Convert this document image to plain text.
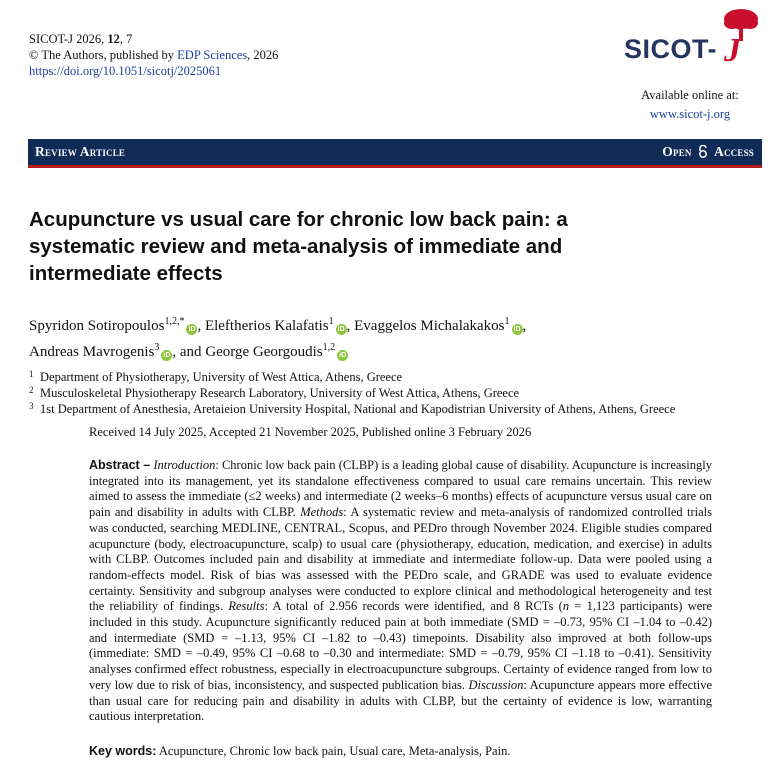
SICOT-J 2026, 12, 7
© The Authors, published by EDP Sciences, 2026
https://doi.org/10.1051/sicotj/2025061
SICOT- J
Available online at:
www.sicot-j.org
Review Article	Open Access
Acupuncture vs usual care for chronic low back pain: a
systematic review and meta-analysis of immediate and
intermediate effects
Spyridon Sotiropoulos$^{1,2,*}$iD , Eleftherios Kalafatis$^1$iD , Evaggelos Michalakakos$^1$iD ,
Andreas Mavrogenis$^3$iD , and George Georgoudis$^{1,2}$iD
1 Department of Physiotherapy, University of West Attica, Athens, Greece
2 Musculoskeletal Physiotherapy Research Laboratory, University of West Attica, Athens, Greece
3 1st Department of Anesthesia, Aretaieion University Hospital, National and Kapodistrian University of Athens, Athens, Greece
Received 14 July 2025, Accepted 21 November 2025, Published online 3 February 2026
Abstract – Introduction: Chronic low back pain (CLBP) is a leading global cause of disability. Acupuncture is increasingly integrated into its management, yet its standalone effectiveness compared to usual care remains uncertain. This review aimed to assess the immediate (≤2 weeks) and intermediate (2 weeks–6 months) effects of acupuncture versus usual care on pain and disability in adults with CLBP. Methods: A systematic review and meta-analysis of randomized controlled trials was conducted, searching MEDLINE, CENTRAL, Scopus, and PEDro through November 2024. Eligible studies compared acupuncture (body, electroacupuncture, scalp) to usual care (physiotherapy, education, medication, and exercise) in adults with CLBP. Outcomes included pain and disability at immediate and intermediate follow-up. Data were pooled using a random-effects model. Risk of bias was assessed with the PEDro scale, and GRADE was used to evaluate evidence certainty. Sensitivity and subgroup analyses were conducted to explore clinical and methodological heterogeneity and test the reliability of findings. Results: A total of 2.956 records were identified, and 8 RCTs (n = 1,123 participants) were included in this study. Acupuncture significantly reduced pain at both immediate (SMD = –0.73, 95% CI –1.04 to –0.42) and intermediate (SMD = –1.13, 95% CI –1.82 to –0.43) timepoints. Disability also improved at both follow-ups (immediate: SMD = –0.49, 95% CI –0.68 to –0.30 and intermediate: SMD = –0.79, 95% CI –1.18 to –0.41). Sensitivity analyses confirmed effect robustness, especially in electroacupuncture subgroups. Certainty of evidence ranged from low to very low due to risk of bias, inconsistency, and suspected publication bias. Discussion: Acupuncture appears more effective than usual care for reducing pain and disability in adults with CLBP, but the certainty of evidence is low, warranting cautious interpretation.
Key words: Acupuncture, Chronic low back pain, Usual care, Meta-analysis, Pain.
